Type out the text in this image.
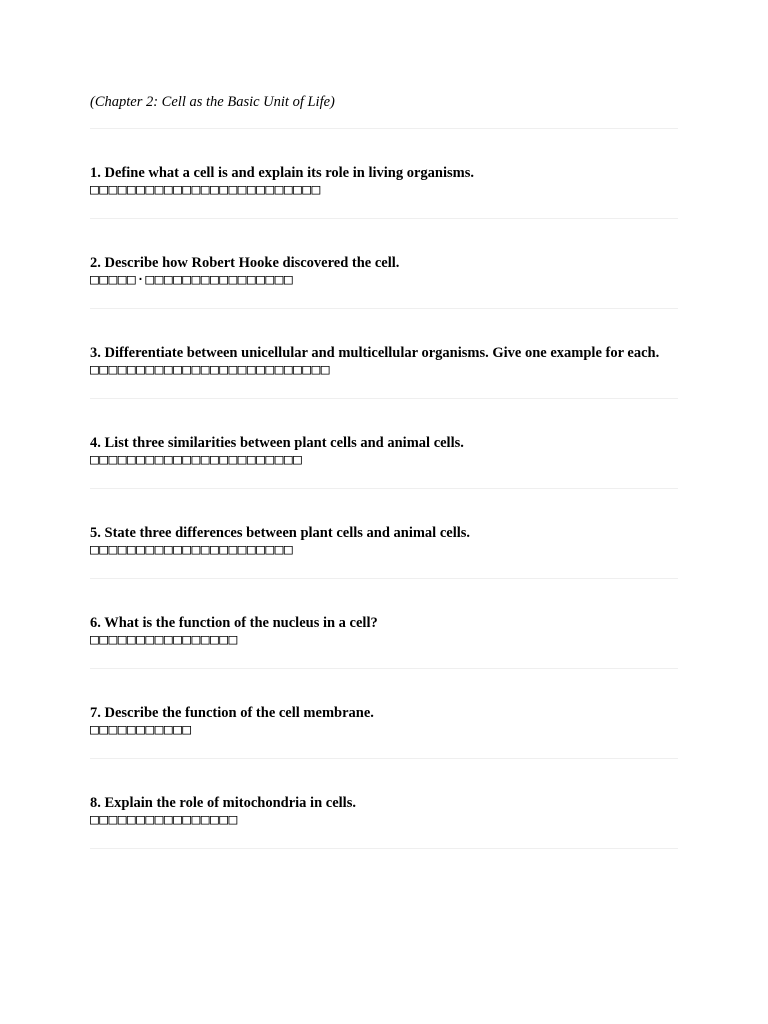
(Chapter 2: Cell as the Basic Unit of Life)

1. Define what a cell is and explain its role in living organisms.

□□□□□□□□□□□□□□□□□□□□□□□□□

2. Describe how Robert Hooke discovered the cell.

□□□□□·□□□□□□□□□□□□□□□□

3. Differentiate between unicellular and multicellular organisms. Give one example for each.

□□□□□□□□□□□□□□□□□□□□□□□□□□

4. List three similarities between plant cells and animal cells.

□□□□□□□□□□□□□□□□□□□□□□□

5. State three differences between plant cells and animal cells.

□□□□□□□□□□□□□□□□□□□□□□

6. What is the function of the nucleus in a cell?

□□□□□□□□□□□□□□□□

7. Describe the function of the cell membrane.

□□□□□□□□□□□

8. Explain the role of mitochondria in cells.

□□□□□□□□□□□□□□□□
